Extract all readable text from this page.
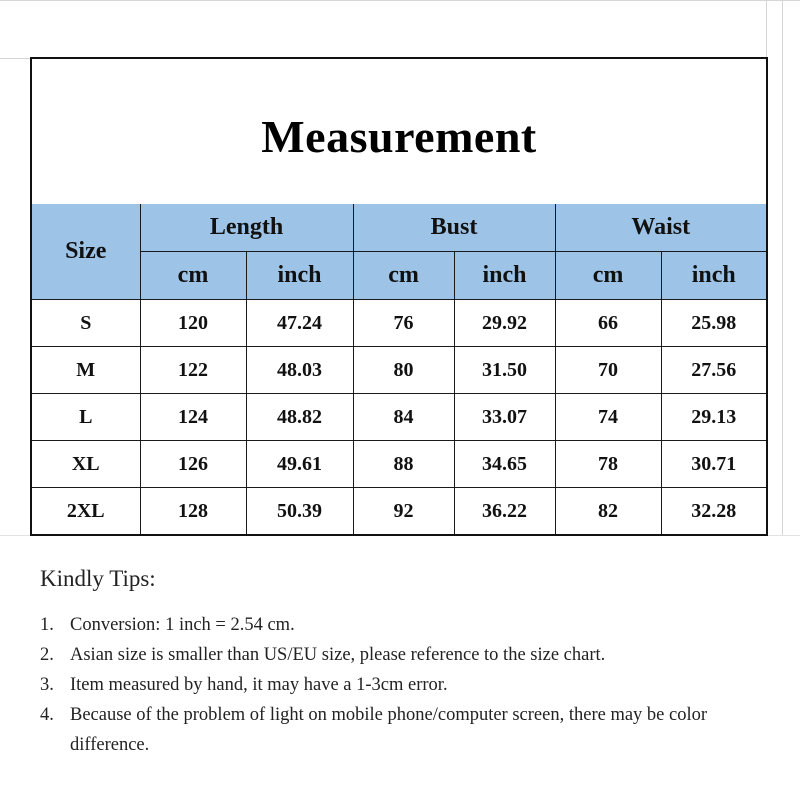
Measurement
Size	Length		Bust		Waist	
	cm	inch	cm	inch	cm	inch
S	120	47.24	76	29.92	66	25.98
M	122	48.03	80	31.50	70	27.56
L	124	48.82	84	33.07	74	29.13
XL	126	49.61	88	34.65	78	30.71
2XL	128	50.39	92	36.22	82	32.28
Kindly Tips:
1. Conversion: 1 inch = 2.54 cm.
2. Asian size is smaller than US/EU size, please reference to the size chart.
3. Item measured by hand, it may have a 1-3cm error.
4. Because of the problem of light on mobile phone/computer screen, there may be color difference.
